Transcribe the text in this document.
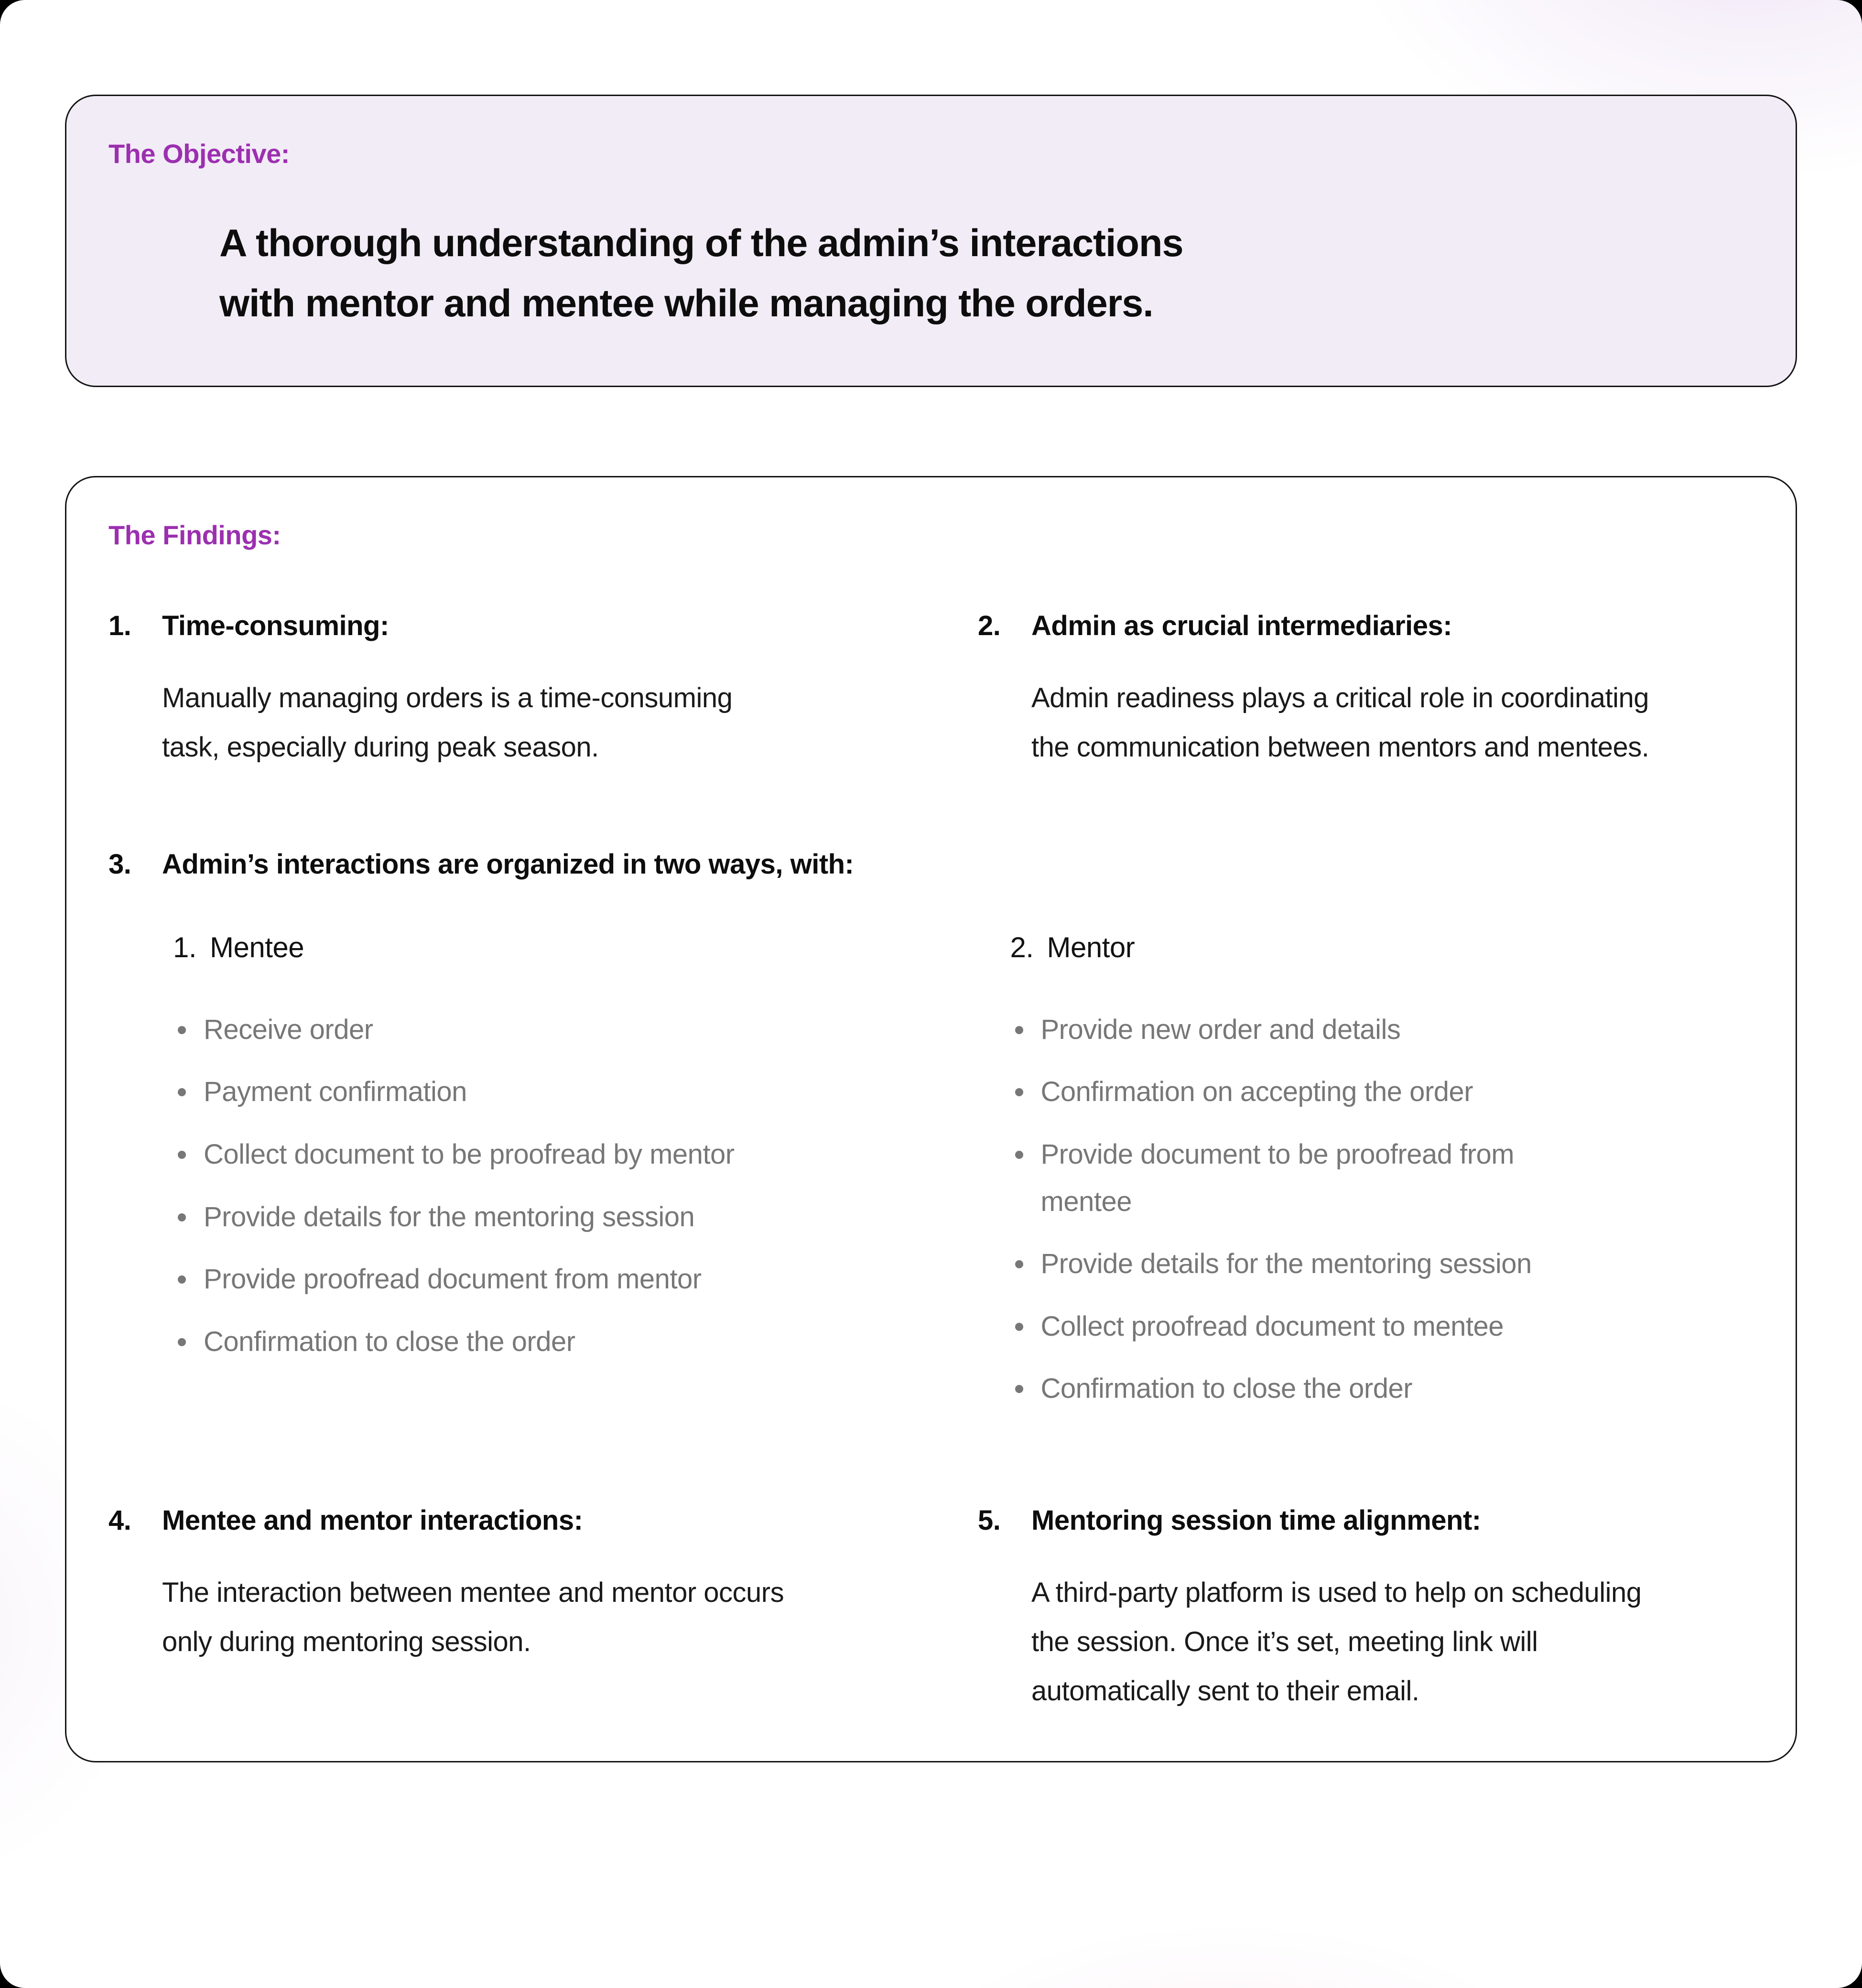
The Objective:
A thorough understanding of the admin’s interactions
with mentor and mentee while managing the orders.
The Findings:
1.	Time-consuming:
Manually managing orders is a time-consuming task, especially during peak season.
2.	Admin as crucial intermediaries:
Admin readiness plays a critical role in coordinating the communication between mentors and mentees.
3.	Admin’s interactions are organized in two ways, with:
1. Mentee
Receive order
Payment confirmation
Collect document to be proofread by mentor
Provide details for the mentoring session
Provide proofread document from mentor
Confirmation to close the order
2. Mentor
Provide new order and details
Confirmation on accepting the order
Provide document to be proofread from mentee
Provide details for the mentoring session
Collect proofread document to mentee
Confirmation to close the order
4.	Mentee and mentor interactions:
The interaction between mentee and mentor occurs only during mentoring session.
5.	Mentoring session time alignment:
A third-party platform is used to help on scheduling the session. Once it’s set, meeting link will automatically sent to their email.
